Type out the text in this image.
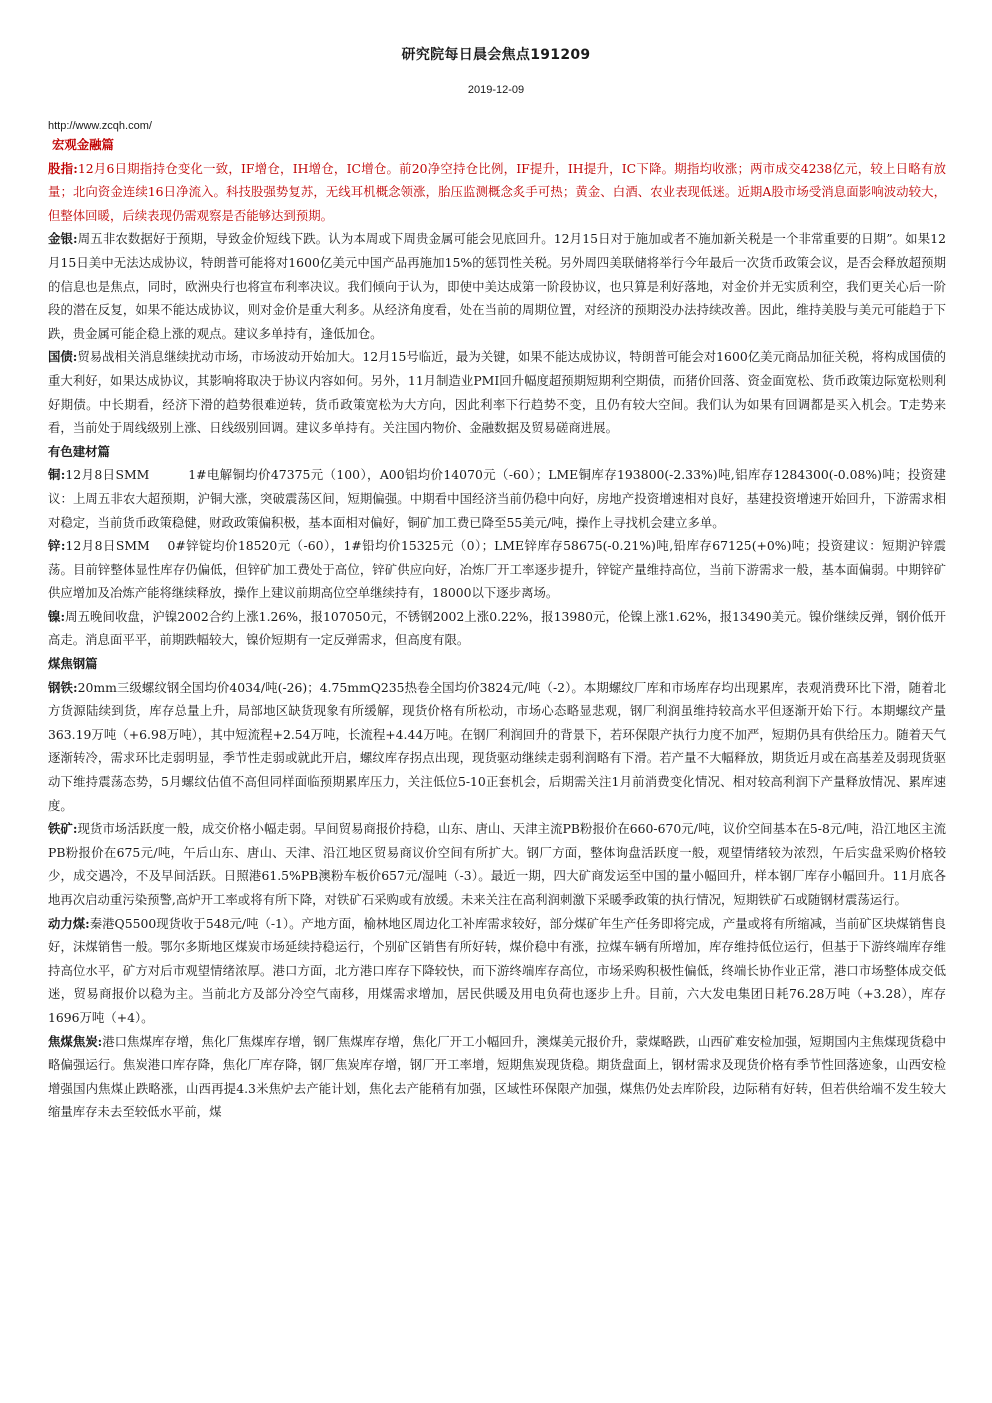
研究院每日晨会焦点191209
2019-12-09
http://www.zcqh.com/

宏观金融篇

股指:12月6日期指持仓变化一致，IF增仓，IH增仓，IC增仓。前20净空持仓比例，IF提升，IH提升，IC下降。期指均收涨；两市成交4238亿元，较上日略有放量；北向资金连续16日净流入。科技股强势复苏，无线耳机概念领涨，胎压监测概念炙手可热；黄金、白酒、农业表现低迷。近期A股市场受消息面影响波动较大，但整体回暖，后续表现仍需观察是否能够达到预期。

金银:周五非农数据好于预期，导致金价短线下跌。认为本周或下周贵金属可能会见底回升。12月15日对于施加或者不施加新关税是一个非常重要的日期”。如果12月15日美中无法达成协议，特朗普可能将对1600亿美元中国产品再施加15%的惩罚性关税。另外周四美联储将举行今年最后一次货币政策会议，是否会释放超预期的信息也是焦点，同时，欧洲央行也将宣布利率决议。我们倾向于认为，即使中美达成第一阶段协议，也只算是利好落地，对金价并无实质利空，我们更关心后一阶段的潜在反复，如果不能达成协议，则对金价是重大利多。从经济角度看，处在当前的周期位置，对经济的预期没办法持续改善。因此，维持美股与美元可能趋于下跌，贵金属可能企稳上涨的观点。建议多单持有，逢低加仓。

国债:贸易战相关消息继续扰动市场，市场波动开始加大。12月15号临近，最为关键，如果不能达成协议，特朗普可能会对1600亿美元商品加征关税，将构成国债的重大利好，如果达成协议，其影响将取决于协议内容如何。另外，11月制造业PMI回升幅度超预期短期利空期债，而猪价回落、资金面宽松、货币政策边际宽松则利好期债。中长期看，经济下滑的趋势很难逆转，货币政策宽松为大方向，因此利率下行趋势不变，且仍有较大空间。我们认为如果有回调都是买入机会。T走势来看，当前处于周线级别上涨、日线级别回调。建议多单持有。关注国内物价、金融数据及贸易磋商进展。

有色建材篇

铜:12月8日SMM　　　1#电解铜均价47375元（100），A00铝均价14070元（-60）；LME铜库存193800(-2.33%)吨,铝库存1284300(-0.08%)吨；投资建议：上周五非农大超预期，沪铜大涨，突破震荡区间，短期偏强。中期看中国经济当前仍稳中向好，房地产投资增速相对良好，基建投资增速开始回升，下游需求相对稳定，当前货币政策稳健，财政政策偏积极，基本面相对偏好，铜矿加工费已降至55美元/吨，操作上寻找机会建立多单。

锌:12月8日SMM　 0#锌锭均价18520元（-60），1#铅均价15325元（0）；LME锌库存58675(-0.21%)吨,铅库存67125(+0%)吨；投资建议：短期沪锌震荡。目前锌整体显性库存仍偏低，但锌矿加工费处于高位，锌矿供应向好，冶炼厂开工率逐步提升，锌锭产量维持高位，当前下游需求一般，基本面偏弱。中期锌矿供应增加及冶炼产能将继续释放，操作上建议前期高位空单继续持有，18000以下逐步离场。

镍:周五晚间收盘，沪镍2002合约上涨1.26%，报107050元，不锈钢2002上涨0.22%，报13980元，伦镍上涨1.62%，报13490美元。镍价继续反弹，钢价低开高走。消息面平平，前期跌幅较大，镍价短期有一定反弹需求，但高度有限。

煤焦钢篇

钢铁:20mm三级螺纹钢全国均价4034/吨(-26)；4.75mmQ235热卷全国均价3824元/吨（-2）。本期螺纹厂库和市场库存均出现累库，表观消费环比下滑，随着北方货源陆续到货，库存总量上升，局部地区缺货现象有所缓解，现货价格有所松动，市场心态略显悲观，钢厂利润虽维持较高水平但逐渐开始下行。本期螺纹产量363.19万吨（+6.98万吨），其中短流程+2.54万吨，长流程+4.44万吨。在钢厂利润回升的背景下，若环保限产执行力度不加严，短期仍具有供给压力。随着天气逐渐转冷，需求环比走弱明显，季节性走弱或就此开启，螺纹库存拐点出现，现货驱动继续走弱利润略有下滑。若产量不大幅释放，期货近月或在高基差及弱现货驱动下维持震荡态势，5月螺纹估值不高但同样面临预期累库压力，关注低位5-10正套机会，后期需关注1月前消费变化情况、相对较高利润下产量释放情况、累库速度。

铁矿:现货市场活跃度一般，成交价格小幅走弱。早间贸易商报价持稳，山东、唐山、天津主流PB粉报价在660-670元/吨，议价空间基本在5-8元/吨，沿江地区主流PB粉报价在675元/吨，午后山东、唐山、天津、沿江地区贸易商议价空间有所扩大。钢厂方面，整体询盘活跃度一般，观望情绪较为浓烈，午后实盘采购价格较少，成交遇冷，不及早间活跃。日照港61.5%PB澳粉车板价657元/湿吨（-3）。最近一期，四大矿商发运至中国的量小幅回升，样本钢厂库存小幅回升。11月底各地再次启动重污染预警,高炉开工率或将有所下降，对铁矿石采购或有放缓。未来关注在高利润刺激下采暖季政策的执行情况，短期铁矿石或随钢材震荡运行。

动力煤:秦港Q5500现货收于548元/吨（-1）。产地方面，榆林地区周边化工补库需求较好，部分煤矿年生产任务即将完成，产量或将有所缩减，当前矿区块煤销售良好，沫煤销售一般。鄂尔多斯地区煤炭市场延续持稳运行，个别矿区销售有所好转，煤价稳中有涨，拉煤车辆有所增加，库存维持低位运行，但基于下游终端库存维持高位水平，矿方对后市观望情绪浓厚。港口方面，北方港口库存下降较快，而下游终端库存高位，市场采购积极性偏低，终端长协作业正常，港口市场整体成交低迷，贸易商报价以稳为主。当前北方及部分冷空气南移，用煤需求增加，居民供暖及用电负荷也逐步上升。目前，六大发电集团日耗76.28万吨（+3.28），库存1696万吨（+4）。

焦煤焦炭:港口焦煤库存增，焦化厂焦煤库存增，钢厂焦煤库存增，焦化厂开工小幅回升，澳煤美元报价升，蒙煤略跌，山西矿难安检加强，短期国内主焦煤现货稳中略偏强运行。焦炭港口库存降，焦化厂库存降，钢厂焦炭库存增，钢厂开工率增，短期焦炭现货稳。期货盘面上，钢材需求及现货价格有季节性回落迹象，山西安检增强国内焦煤止跌略涨，山西再提4.3米焦炉去产能计划，焦化去产能稍有加强，区域性环保限产加强，煤焦仍处去库阶段，边际稍有好转，但若供给端不发生较大缩量库存未去至较低水平前，煤
